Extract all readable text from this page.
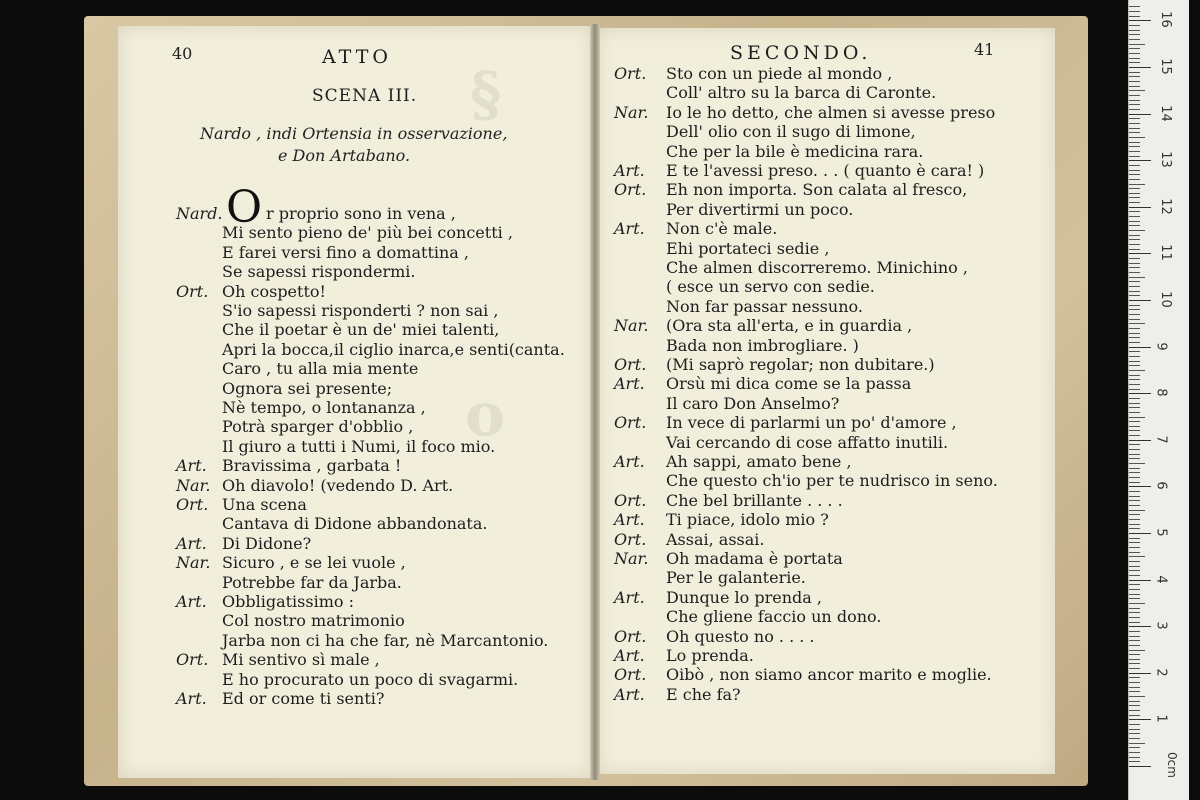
40	ATTO
SCENA III.
Nardo , indi Ortensia in osservazione,
e Don Artabano.
O
Nard.	r proprio sono in vena ,
Mi sento pieno de' più bei concetti ,
E farei versi fino a domattina ,
Se sapessi rispondermi.
Ort. Oh cospetto!
S'io sapessi risponderti ? non sai ,
Che il poetar è un de' miei talenti,
Apri la bocca,il ciglio inarca,e senti(canta.
Caro , tu alla mia mente
Ognora sei presente;
Nè tempo, o lontananza ,
Potrà sparger d'obblio ,
Il giuro a tutti i Numi, il foco mio.
Art. Bravissima , garbata !
Nar. Oh diavolo! (vedendo D. Art.
Ort. Una scena
Cantava di Didone abbandonata.
Art. Di Didone?
Nar. Sicuro , e se lei vuole ,
Potrebbe far da Jarba.
Art. Obbligatissimo :
Col nostro matrimonio
Jarba non ci ha che far, nè Marcantonio.
Ort. Mi sentivo sì male ,
E ho procurato un poco di svagarmi.
Art. Ed or come ti senti?
SECONDO.	41
Ort. Sto con un piede al mondo ,
Coll' altro su la barca di Caronte.
Nar. Io le ho detto, che almen si avesse preso
Dell' olio con il sugo di limone,
Che per la bile è medicina rara.
Art. E te l'avessi preso. . . ( quanto è cara! )
Ort. Eh non importa. Son calata al fresco,
Per divertirmi un poco.
Art. Non c'è male.
Ehi portateci sedie ,
Che almen discorreremo. Minichino ,
( esce un servo con sedie.
Non far passar nessuno.
Nar. (Ora sta all'erta, e in guardia ,
Bada non imbrogliare. )
Ort. (Mi saprò regolar; non dubitare.)
Art. Orsù mi dica come se la passa
Il caro Don Anselmo?
Ort. In vece di parlarmi un po' d'amore ,
Vai cercando di cose affatto inutili.
Art. Ah sappi, amato bene ,
Che questo ch'io per te nudrisco in seno.
Ort. Che bel brillante . . . .
Art. Ti piace, idolo mio ?
Ort. Assai, assai.
Nar. Oh madama è portata
Per le galanterie.
Art. Dunque lo prenda ,
Che gliene faccio un dono.
Ort. Oh questo no . . . .
Art. Lo prenda.
Ort. Oibò , non siamo ancor marito e moglie.
Art. E che fa?
1
2
3
4
5
6
7
8
9
10
11
12
13
14
15
16
0cm
